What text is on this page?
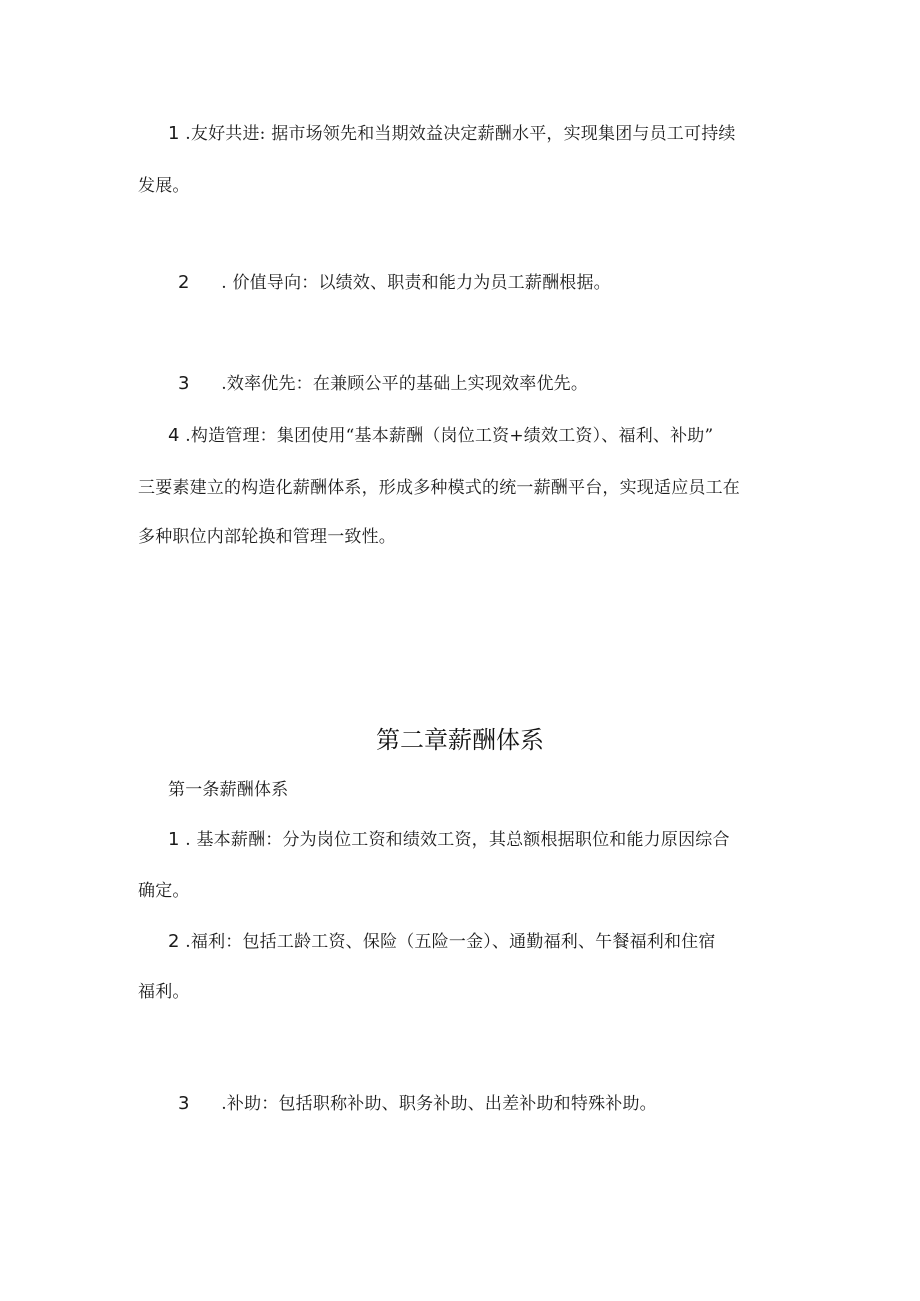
1 .友好共进: 据市场领先和当期效益决定薪酬水平，实现集团与员工可持续
发展。
2 . 价值导向：以绩效、职责和能力为员工薪酬根据。
3 .效率优先：在兼顾公平的基础上实现效率优先。
4 .构造管理：集团使用“基本薪酬（岗位工资+绩效工资）、福利、补助”
三要素建立的构造化薪酬体系，形成多种模式的统一薪酬平台，实现适应员工在
多种职位内部轮换和管理一致性。
第二章薪酬体系
第一条薪酬体系
1 . 基本薪酬：分为岗位工资和绩效工资，其总额根据职位和能力原因综合
确定。
2 .福利：包括工龄工资、保险（五险一金）、通勤福利、午餐福利和住宿
福利。
3 .补助：包括职称补助、职务补助、出差补助和特殊补助。
